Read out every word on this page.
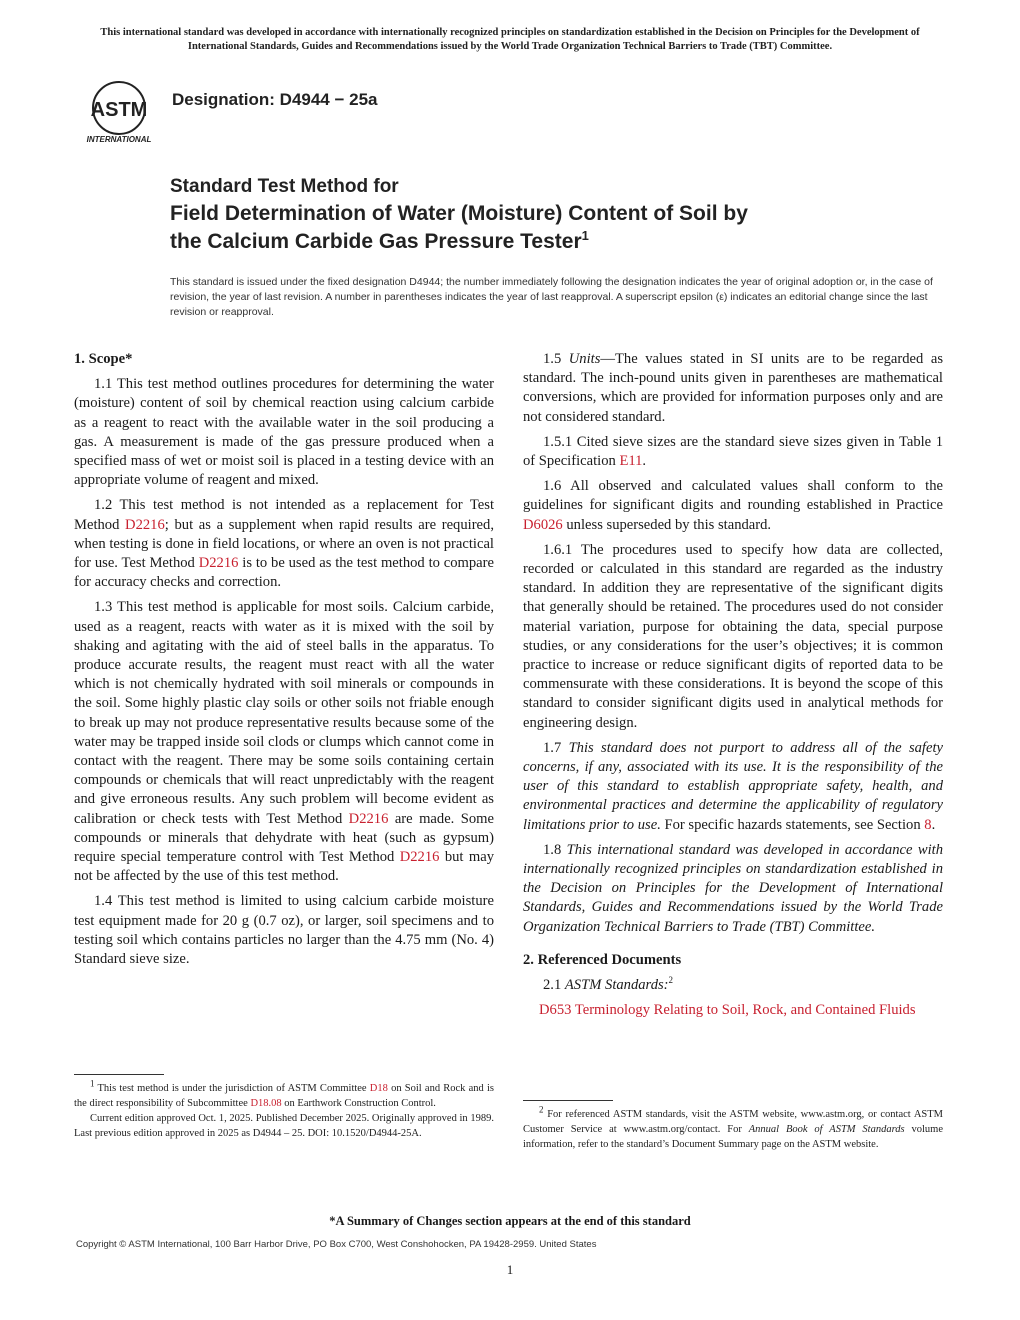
This international standard was developed in accordance with internationally recognized principles on standardization established in the Decision on Principles for the Development of International Standards, Guides and Recommendations issued by the World Trade Organization Technical Barriers to Trade (TBT) Committee.
ASTM
INTERNATIONAL
Designation: D4944 − 25a
Standard Test Method for
Field Determination of Water (Moisture) Content of Soil by
the Calcium Carbide Gas Pressure Tester$^1$
This standard is issued under the fixed designation D4944; the number immediately following the designation indicates the year of original adoption or, in the case of revision, the year of last revision. A number in parentheses indicates the year of last reapproval. A superscript epsilon (ε) indicates an editorial change since the last revision or reapproval.
1. Scope*

1.1 This test method outlines procedures for determining the water (moisture) content of soil by chemical reaction using calcium carbide as a reagent to react with the available water in the soil producing a gas. A measurement is made of the gas pressure produced when a specified mass of wet or moist soil is placed in a testing device with an appropriate volume of reagent and mixed.

1.2 This test method is not intended as a replacement for Test Method D2216; but as a supplement when rapid results are required, when testing is done in field locations, or where an oven is not practical for use. Test Method D2216 is to be used as the test method to compare for accuracy checks and correction.

1.3 This test method is applicable for most soils. Calcium carbide, used as a reagent, reacts with water as it is mixed with the soil by shaking and agitating with the aid of steel balls in the apparatus. To produce accurate results, the reagent must react with all the water which is not chemically hydrated with soil minerals or compounds in the soil. Some highly plastic clay soils or other soils not friable enough to break up may not produce representative results because some of the water may be trapped inside soil clods or clumps which cannot come in contact with the reagent. There may be some soils containing certain compounds or chemicals that will react unpredictably with the reagent and give erroneous results. Any such problem will become evident as calibration or check tests with Test Method D2216 are made. Some compounds or minerals that dehydrate with heat (such as gypsum) require special temperature control with Test Method D2216 but may not be affected by the use of this test method.

1.4 This test method is limited to using calcium carbide moisture test equipment made for 20 g (0.7 oz), or larger, soil specimens and to testing soil which contains particles no larger than the 4.75 mm (No. 4) Standard sieve size.

1.5 Units—The values stated in SI units are to be regarded as standard. The inch-pound units given in parentheses are mathematical conversions, which are provided for information purposes only and are not considered standard.

1.5.1 Cited sieve sizes are the standard sieve sizes given in Table 1 of Specification E11.

1.6 All observed and calculated values shall conform to the guidelines for significant digits and rounding established in Practice D6026 unless superseded by this standard.

1.6.1 The procedures used to specify how data are collected, recorded or calculated in this standard are regarded as the industry standard. In addition they are representative of the significant digits that generally should be retained. The procedures used do not consider material variation, purpose for obtaining the data, special purpose studies, or any considerations for the user’s objectives; it is common practice to increase or reduce significant digits of reported data to be commensurate with these considerations. It is beyond the scope of this standard to consider significant digits used in analytical methods for engineering design.

1.7 This standard does not purport to address all of the safety concerns, if any, associated with its use. It is the responsibility of the user of this standard to establish appropriate safety, health, and environmental practices and determine the applicability of regulatory limitations prior to use. For specific hazards statements, see Section 8.

1.8 This international standard was developed in accordance with internationally recognized principles on standardization established in the Decision on Principles for the Development of International Standards, Guides and Recommendations issued by the World Trade Organization Technical Barriers to Trade (TBT) Committee.

2. Referenced Documents

2.1 ASTM Standards:$^2$

D653 Terminology Relating to Soil, Rock, and Contained Fluids

$^1$ This test method is under the jurisdiction of ASTM Committee D18 on Soil and Rock and is the direct responsibility of Subcommittee D18.08 on Earthwork Construction Control.

Current edition approved Oct. 1, 2025. Published December 2025. Originally approved in 1989. Last previous edition approved in 2025 as D4944 – 25. DOI: 10.1520/D4944-25A.

$^2$ For referenced ASTM standards, visit the ASTM website, www.astm.org, or contact ASTM Customer Service at www.astm.org/contact. For Annual Book of ASTM Standards volume information, refer to the standard’s Document Summary page on the ASTM website.

*A Summary of Changes section appears at the end of this standard
Copyright © ASTM International, 100 Barr Harbor Drive, PO Box C700, West Conshohocken, PA 19428-2959. United States
1
